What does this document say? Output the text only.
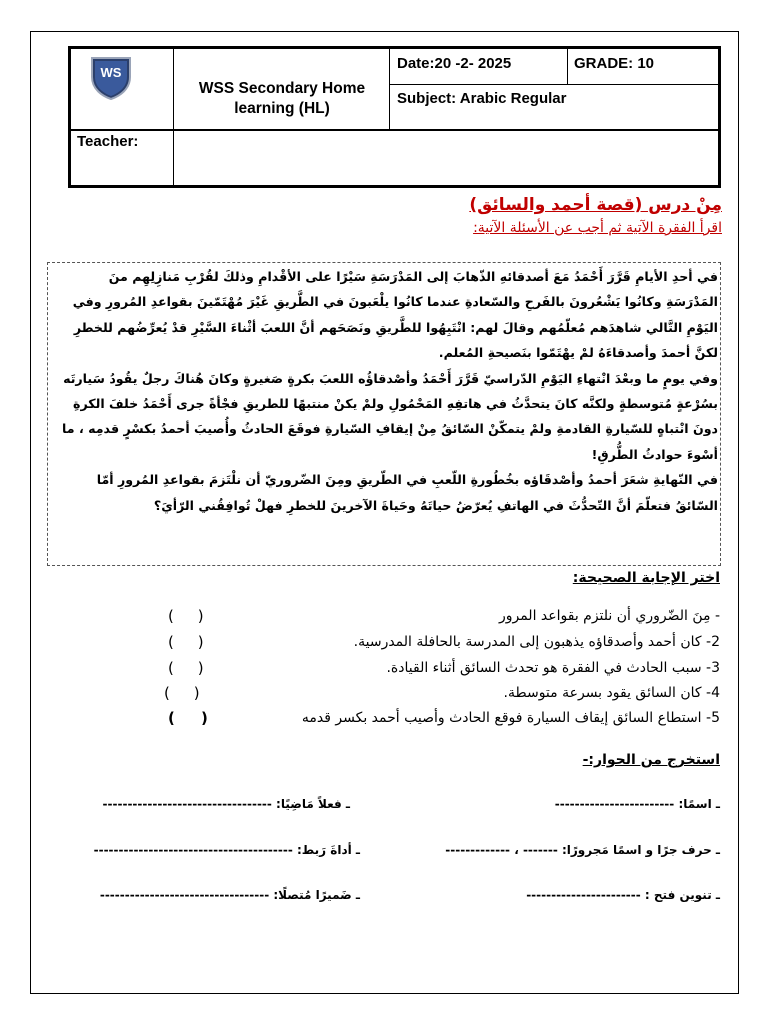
WS
WSS Secondary Home learning (HL)
Date:20 -2- 2025	GRADE: 10
Subject: Arabic Regular
Teacher:
مِنْ درس (قصة أحمد والسائق)
اقرأ الفقرة الآتية ثم أجب عن الأسئلة الآتية:

في أحدِ الأيامِ قَرَّرَ أَحْمَدُ مَعَ أصدقائهِ الذّهابَ إلى المَدْرَسَةِ سَيْرًا على الأقْدامِ وذلكَ لقُرْبِ مَنازِلِهِم منَ المَدْرَسَةِ وكانُوا يَشْعُرونَ بالفَرحِ والسّعادةِ عندما كانُوا يلْعَبونَ في الطَّريقِ غَيْرَ مُهْتَمّينَ بقواعدِ المُرورِ وفي اليَوْمِ التَّالي شاهدَهم مُعلّمُهم وقالَ لهم: انْتَبِهُوا للطَّريقِ ونَصَحَهم أنَّ اللعبَ أثْناءَ السَّيْرِ قدْ يُعرِّضُهم للخطرِ لكنَّ أحمدَ وأصدقاءَهُ لمْ يهْتَمّوا بنَصيحةِ المُعلم.

وفي يومٍ ما وبعْدَ انْتهاءِ اليَوْمِ الدّراسيّ قَرَّرَ أَحْمَدُ وأصْدقاؤُه اللعبَ بكرةٍ صَغيرةٍ وكانَ هُناكَ رجلٌ يقُودُ سَيارتَه بسُرْعةٍ مُتوسطةٍ ولكنَّه كانَ يتحدَّثُ في هاتفِهِ المَحْمُولِ ولمْ يكنْ منتبهًا للطريقِ فجْأةً جرى أَحْمَدُ خلفَ الكرةِ دونَ انْتباهٍ للسّيارةِ القادمةِ ولمْ يتمكّنْ السّائقُ مِنْ إيقافِ السّيارةِ فوقَعَ الحادثُ وأُصيبَ أحمدُ بكسْرٍ قدمِه ، ما أسْوءَ حوادثُ الطُّرقِ!

في النّهايةِ شعَرَ أحمدُ وأصْدقَاؤه بخُطُورةِ اللّعبِ في الطّريقِ ومِنَ الضّروريّ أن نلْتَزمَ بقواعدِ المُرورِ أمّا السّائقُ فتعلّمَ أنَّ التّحدُّثَ في الهاتفِ يُعرّضُ حياتَهُ وحَياةَ الآخرينَ للخطرِ فهلْ تُوافِقُني الرّأيَ؟

اختر الإجابة الصحيحة:
- مِنَ الضّروري أن نلتزم بقواعد المرور
2- كان أحمد وأصدقاؤه يذهبون إلى المدرسة بالحافلة المدرسية.
3- سبب الحادث في الفقرة هو تحدث السائق أثناء القيادة.
4- كان السائق يقود بسرعة متوسطة.
5- استطاع السائق إيقاف السيارة فوقع الحادث وأصيب أحمد بكسر قدمه
(     )
(     )
(     )
(     )
(     )
استخرج من الحوار:-
ـ اسمًا: ------------------------
ـ فعلاً مَاضِيًا: ----------------------------------
ـ حرف جرًا و اسمًا مَجرورًا: ------- ، -------------
ـ أداةَ رَبط: ----------------------------------------
ـ تنوين فتح : -----------------------
ـ ضَميرًا مُتصلًا: ----------------------------------
